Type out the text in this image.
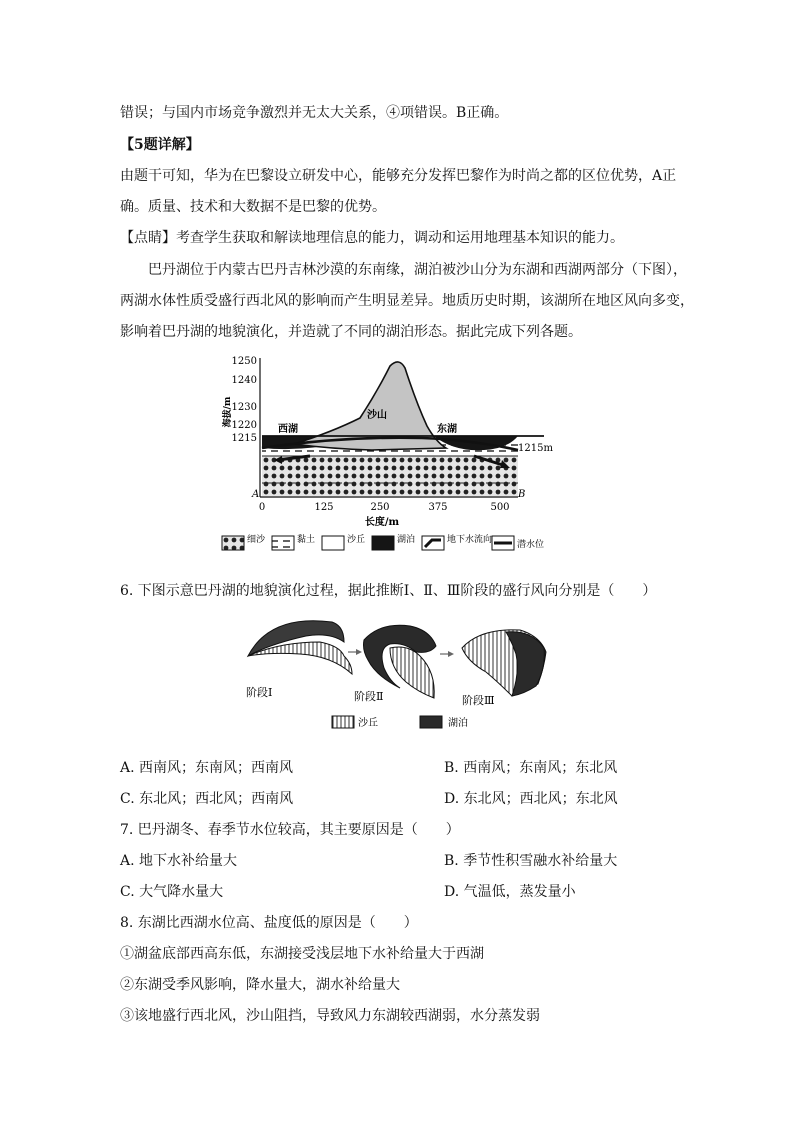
错误；与国内市场竞争激烈并无太大关系，④项错误。B正确。
【5题详解】
由题干可知，华为在巴黎设立研发中心，能够充分发挥巴黎作为时尚之都的区位优势，A正
确。质量、技术和大数据不是巴黎的优势。
【点睛】考查学生获取和解读地理信息的能力，调动和运用地理基本知识的能力。
巴丹湖位于内蒙古巴丹吉林沙漠的东南缘，湖泊被沙山分为东湖和西湖两部分（下图），
两湖水体性质受盛行西北风的影响而产生明显差异。地质历史时期，该湖所在地区风向多变，
影响着巴丹湖的地貌演化，并造就了不同的湖泊形态。据此完成下列各题。
1250
1240
1230
1220
1215
海拔/m
西湖	东湖
沙山
1215m
A	B
0	125	250	375	500
长度/m
细沙	黏土	沙丘	湖泊	地下水流向	潜水位
6. 下图示意巴丹湖的地貌演化过程，据此推断Ⅰ、Ⅱ、Ⅲ阶段的盛行风向分别是（　　）
阶段Ⅰ	阶段Ⅱ	阶段Ⅲ
沙丘	湖泊
A. 西南风；东南风；西南风	B. 西南风；东南风；东北风
C. 东北风；西北风；西南风	D. 东北风；西北风；东北风
7. 巴丹湖冬、春季节水位较高，其主要原因是（　　）
A. 地下水补给量大	B. 季节性积雪融水补给量大
C. 大气降水量大	D. 气温低，蒸发量小
8. 东湖比西湖水位高、盐度低的原因是（　　）
①湖盆底部西高东低，东湖接受浅层地下水补给量大于西湖
②东湖受季风影响，降水量大，湖水补给量大
③该地盛行西北风，沙山阻挡，导致风力东湖较西湖弱，水分蒸发弱
